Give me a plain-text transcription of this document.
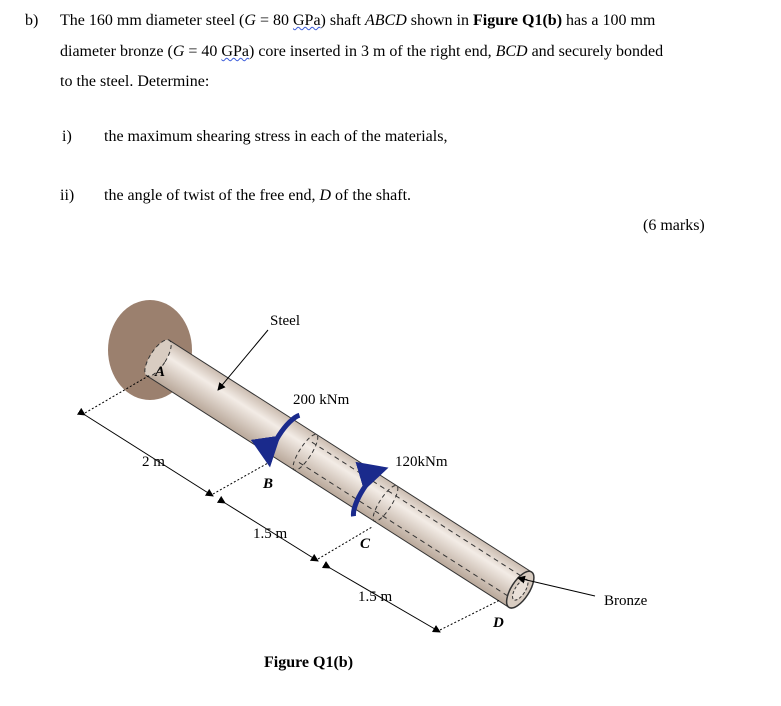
b) The 160 mm diameter steel (G = 80 GPa) shaft ABCD shown in Figure Q1(b) has a 100 mm
diameter bronze (G = 40 GPa) core inserted in 3 m of the right end, BCD and securely bonded
to the steel. Determine:
i) the maximum shearing stress in each of the materials,
ii) the angle of twist of the free end, D of the shaft.
(6 marks)
Steel
200 kNm
120kNm
2 m
1.5 m
1.5 m	Bronze
A
B
C
D
Figure Q1(b)
